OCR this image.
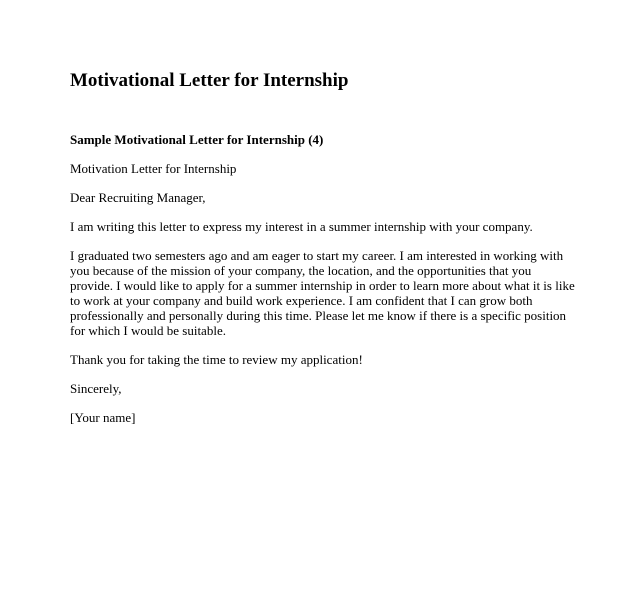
Motivational Letter for Internship

Sample Motivational Letter for Internship (4)

Motivation Letter for Internship

Dear Recruiting Manager,

I am writing this letter to express my interest in a summer internship with your company.

I graduated two semesters ago and am eager to start my career. I am interested in working with
you because of the mission of your company, the location, and the opportunities that you
provide. I would like to apply for a summer internship in order to learn more about what it is like
to work at your company and build work experience. I am confident that I can grow both
professionally and personally during this time. Please let me know if there is a specific position
for which I would be suitable.

Thank you for taking the time to review my application!

Sincerely,

[Your name]
